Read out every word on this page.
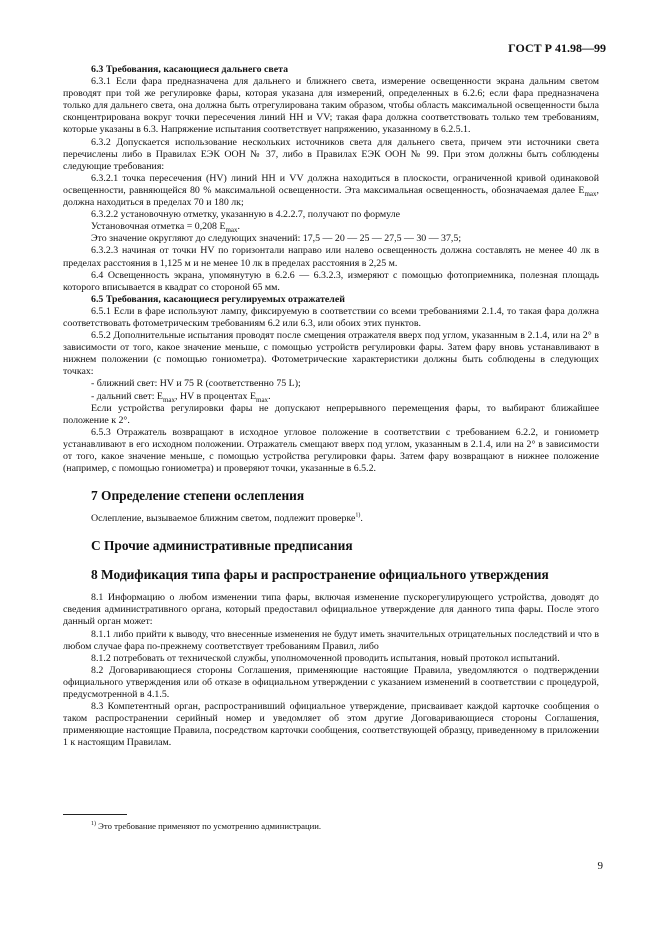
ГОСТ Р 41.98—99

6.3 Требования, касающиеся дальнего света

6.3.1 Если фара предназначена для дальнего и ближнего света, измерение освещенности экрана дальним светом проводят при той же регулировке фары, которая указана для измерений, определенных в 6.2.6; если фара предназначена только для дальнего света, она должна быть отрегулирована таким образом, чтобы область максимальной освещенности была сконцентрирована вокруг точки пересечения линий НН и VV; такая фара должна соответствовать только тем требованиям, которые указаны в 6.3. Напряжение испытания соответствует напряжению, указанному в 6.2.5.1.

6.3.2 Допускается использование нескольких источников света для дальнего света, причем эти источники света перечислены либо в Правилах ЕЭК ООН № 37, либо в Правилах ЕЭК ООН № 99. При этом должны быть соблюдены следующие требования:

6.3.2.1 точка пересечения (HV) линий НН и VV должна находиться в плоскости, ограниченной кривой одинаковой освещенности, равняющейся 80 % максимальной освещенности. Эта максимальная освещенность, обозначаемая далее $E_{max}$, должна находиться в пределах 70 и 180 лк;

6.3.2.2 установочную отметку, указанную в 4.2.2.7, получают по формуле

Установочная отметка = 0,208 $E_{max}$.

Это значение округляют до следующих значений: 17,5 — 20 — 25 — 27,5 — 30 — 37,5;

6.3.2.3 начиная от точки HV по горизонтали направо или налево освещенность должна составлять не менее 40 лк в пределах расстояния в 1,125 м и не менее 10 лк в пределах расстояния в 2,25 м.

6.4 Освещенность экрана, упомянутую в 6.2.6 — 6.3.2.3, измеряют с помощью фотоприемника, полезная площадь которого вписывается в квадрат со стороной 65 мм.

6.5 Требования, касающиеся регулируемых отражателей

6.5.1 Если в фаре используют лампу, фиксируемую в соответствии со всеми требованиями 2.1.4, то такая фара должна соответствовать фотометрическим требованиям 6.2 или 6.3, или обоих этих пунктов.

6.5.2 Дополнительные испытания проводят после смещения отражателя вверх под углом, указанным в 2.1.4, или на 2° в зависимости от того, какое значение меньше, с помощью устройств регулировки фары. Затем фару вновь устанавливают в нижнем положении (с помощью гониометра). Фотометрические характеристики должны быть соблюдены в следующих точках:

- ближний свет: HV и 75 R (соответственно 75 L);

- дальний свет: $E_{max}$, HV в процентах $E_{max}$.

Если устройства регулировки фары не допускают непрерывного перемещения фары, то выбирают ближайшее положение к 2°.

6.5.3 Отражатель возвращают в исходное угловое положение в соответствии с требованием 6.2.2, и гониометр устанавливают в его исходном положении. Отражатель смещают вверх под углом, указанным в 2.1.4, или на 2° в зависимости от того, какое значение меньше, с помощью устройства регулировки фары. Затем фару возвращают в нижнее положение (например, с помощью гониометра) и проверяют точки, указанные в 6.5.2.

7 Определение степени ослепления

Ослепление, вызываемое ближним светом, подлежит проверке$^{1)}$.

С Прочие административные предписания

8 Модификация типа фары и распространение официального утверждения

8.1 Информацию о любом изменении типа фары, включая изменение пускорегулирующего устройства, доводят до сведения административного органа, который предоставил официальное утверждение для данного типа фары. После этого данный орган может:

8.1.1 либо прийти к выводу, что внесенные изменения не будут иметь значительных отрицательных последствий и что в любом случае фара по-прежнему соответствует требованиям Правил, либо

8.1.2 потребовать от технической службы, уполномоченной проводить испытания, новый протокол испытаний.

8.2 Договаривающиеся стороны Соглашения, применяющие настоящие Правила, уведомляются о подтверждении официального утверждения или об отказе в официальном утверждении с указанием изменений в соответствии с процедурой, предусмотренной в 4.1.5.

8.3 Компетентный орган, распространивший официальное утверждение, присваивает каждой карточке сообщения о таком распространении серийный номер и уведомляет об этом другие Договаривающиеся стороны Соглашения, применяющие настоящие Правила, посредством карточки сообщения, соответствующей образцу, приведенному в приложении 1 к настоящим Правилам.

$^{1)}$ Это требование применяют по усмотрению администрации.
9
